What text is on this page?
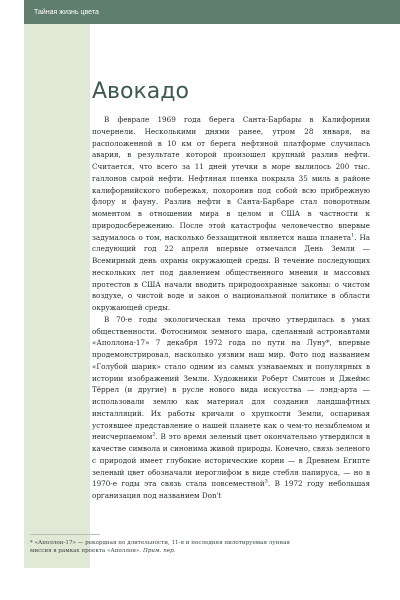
Тайная жизнь цвета
Авокадо

В феврале 1969 года берега Санта-Барбары в Калифорнии почернели. Несколькими днями ранее, утром 28 января, на расположенной в 10 км от берега нефтяной платформе случилась авария, в результате которой произошел крупный разлив нефти. Считается, что всего за 11 дней утечки в море вылилось 200 тыс. галлонов сырой нефти. Нефтяная пленка покрыла 35 миль в районе калифорнийского побережья, похоронив под собой всю прибрежную флору и фауну. Разлив нефти в Санта-Барбаре стал поворотным моментом в отношении мира в целом и США в частности к природосбережению. После этой катастрофы человечество впервые задумалось о том, насколько беззащитной является наша планета$^1$. На следующий год 22 апреля впервые отмечался День Земли — Всемирный день охраны окружающей среды. В течение последующих нескольких лет под давлением общественного мнения и массовых протестов в США начали вводить природоохранные законы: о чистом воздухе, о чистой воде и закон о национальной политике в области окружающей среды.

В 70-е годы экологическая тема прочно утвердилась в умах общественности. Фотоснимок земного шара, сделанный астронавтами «Аполлона-17» 7 декабря 1972 года по пути на Луну*, впервые продемонстрировал, насколько уязвим наш мир. Фото под названием «Голубой шарик» стало одним из самых узнаваемых и популярных в истории изображений Земли. Художники Роберт Смитсон и Джеймс Тёррел (и другие) в русле нового вида искусства — лэнд-арта — использовали землю как материал для создания ландшафтных инсталляций. Их работы кричали о хрупкости Земли, оспаривая устоявшее представление о нашей планете как о чем-то незыблемом и неисчерпаемом$^2$. В это время зеленый цвет окончательно утвердился в качестве символа и синонима живой природы. Конечно, связь зеленого с природой имеет глубокие исторические корни — в Древнем Египте зеленый цвет обозначали иероглифом в виде стебля папируса, — но в 1970-е годы эта связь стала повсеместной$^3$. В 1972 году небольшая организация под названием Don't

* «Аполлон-17» — рекордная по длительности, 11-я и последняя пилотируемая лунная миссия в рамках проекта «Аполлон». Прим. пер.
